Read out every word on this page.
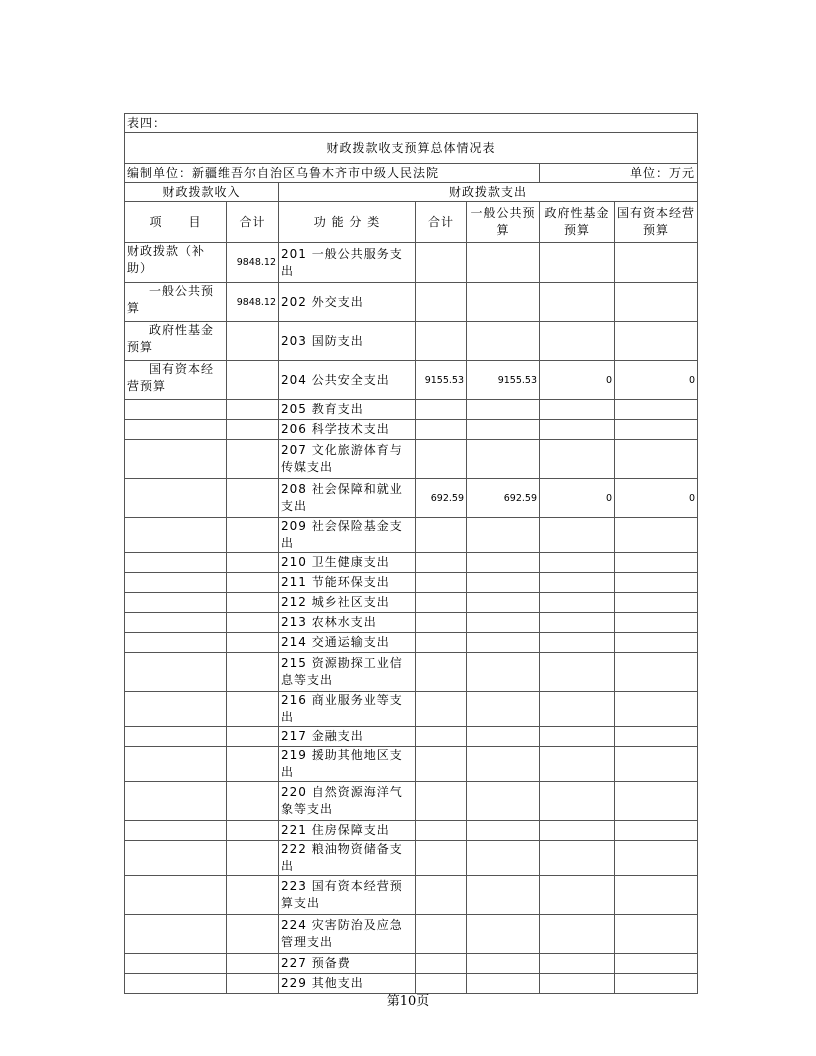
表四：						
财政拨款收支预算总体情况表						
编制单位：新疆维吾尔自治区乌鲁木齐市中级人民法院					单位：万元	
财政拨款收入		财政拨款支出				
项　　目	合计	功 能 分 类	合计	一般公共预算	政府性基金预算	国有资本经营预算
财政拨款（补助）	9848.12	201 一般公共服务支出				
一般公共预算	9848.12	202 外交支出				
政府性基金预算		203 国防支出				
国有资本经营预算		204 公共安全支出	9155.53	9155.53	0	0
		205 教育支出				
		206 科学技术支出				
		207 文化旅游体育与传媒支出				
		208 社会保障和就业支出	692.59	692.59	0	0
		209 社会保险基金支出				
		210 卫生健康支出				
		211 节能环保支出				
		212 城乡社区支出				
		213 农林水支出				
		214 交通运输支出				
		215 资源勘探工业信息等支出				
		216 商业服务业等支出				
		217 金融支出				
		219 援助其他地区支出				
		220 自然资源海洋气象等支出				
		221 住房保障支出				
		222 粮油物资储备支出				
		223 国有资本经营预算支出				
		224 灾害防治及应急管理支出				
		227 预备费				
		229 其他支出				
第10页
